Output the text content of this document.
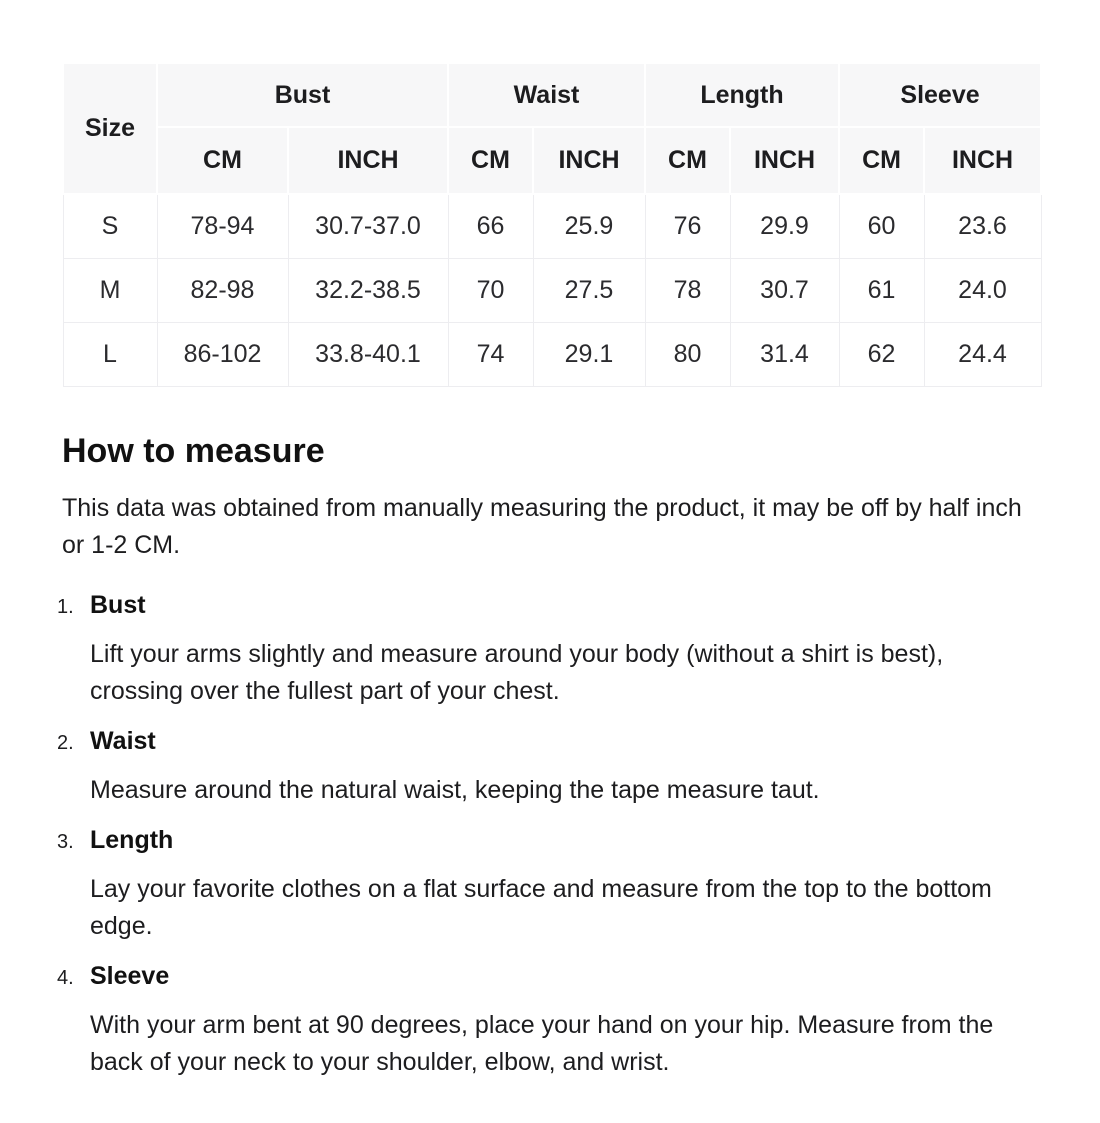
Size	Bust		Waist		Length		Sleeve	
	CM	INCH	CM	INCH	CM	INCH	CM	INCH
S	78-94	30.7-37.0	66	25.9	76	29.9	60	23.6
M	82-98	32.2-38.5	70	27.5	78	30.7	61	24.0
L	86-102	33.8-40.1	74	29.1	80	31.4	62	24.4
How to measure

This data was obtained from manually measuring the product, it may be off by half inch or 1-2 CM.

1. Bust

Lift your arms slightly and measure around your body (without a shirt is best), crossing over the fullest part of your chest.

2. Waist

Measure around the natural waist, keeping the tape measure taut.

3. Length

Lay your favorite clothes on a flat surface and measure from the top to the bottom edge.

4. Sleeve

With your arm bent at 90 degrees, place your hand on your hip. Measure from the back of your neck to your shoulder, elbow, and wrist.
